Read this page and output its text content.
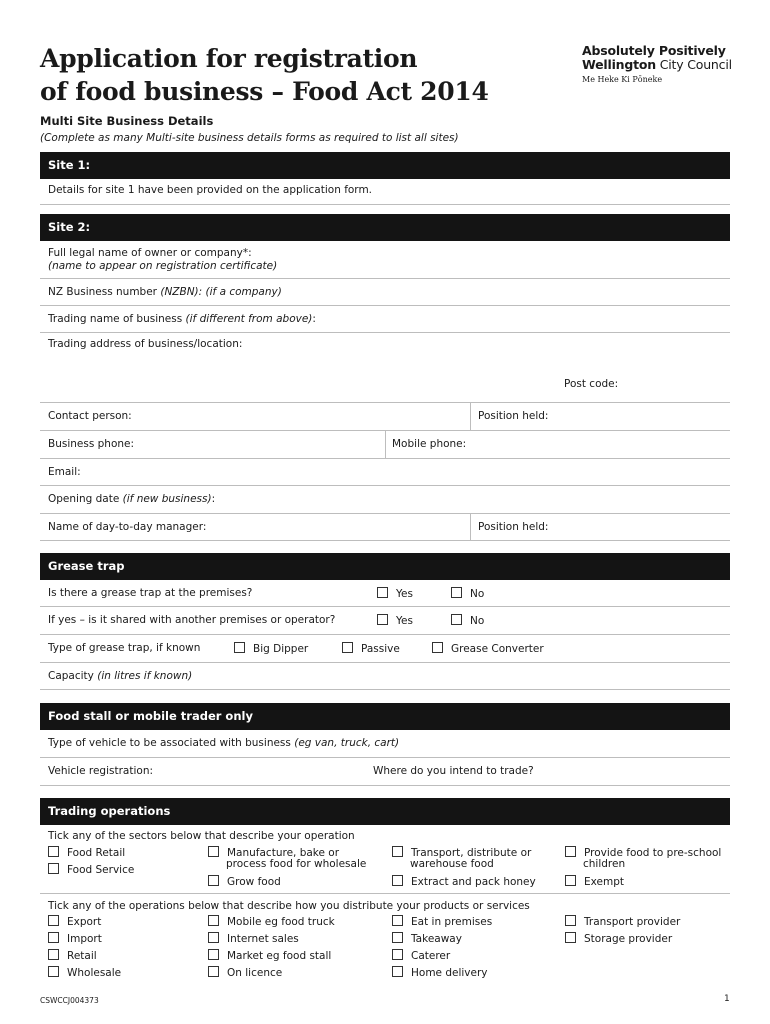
Application for registration
of food business – Food Act 2014
Absolutely Positively
Wellington City Council
Me Heke Ki Pōneke
Multi Site Business Details
(Complete as many Multi-site business details forms as required to list all sites)
Site 1:
Details for site 1 have been provided on the application form.
Site 2:
Full legal name of owner or company*:
(name to appear on registration certificate)
NZ Business number (NZBN): (if a company)
Trading name of business (if different from above):
Trading address of business/location:
Post code:
Contact person:	Position held:
Business phone:	Mobile phone:
Email:
Opening date (if new business):
Name of day-to-day manager:	Position held:
Grease trap
Is there a grease trap at the premises?	Yes	No
If yes – is it shared with another premises or operator?	Yes	No
Type of grease trap, if known	Big Dipper	Passive	Grease Converter
Capacity (in litres if known)
Food stall or mobile trader only
Type of vehicle to be associated with business (eg van, truck, cart)
Vehicle registration:	Where do you intend to trade?
Trading operations
Tick any of the sectors below that describe your operation
Food Retail
Food Service
Manufacture, bake or
process food for wholesale
Grow food
Transport, distribute or
warehouse food
Extract and pack honey
Provide food to pre-school
children
Exempt
Tick any of the operations below that describe how you distribute your products or services
Export
Import
Retail
Wholesale
Mobile eg food truck
Internet sales
Market eg food stall
On licence
Eat in premises
Takeaway
Caterer
Home delivery
Transport provider
Storage provider
CSWCCJ004373	1
